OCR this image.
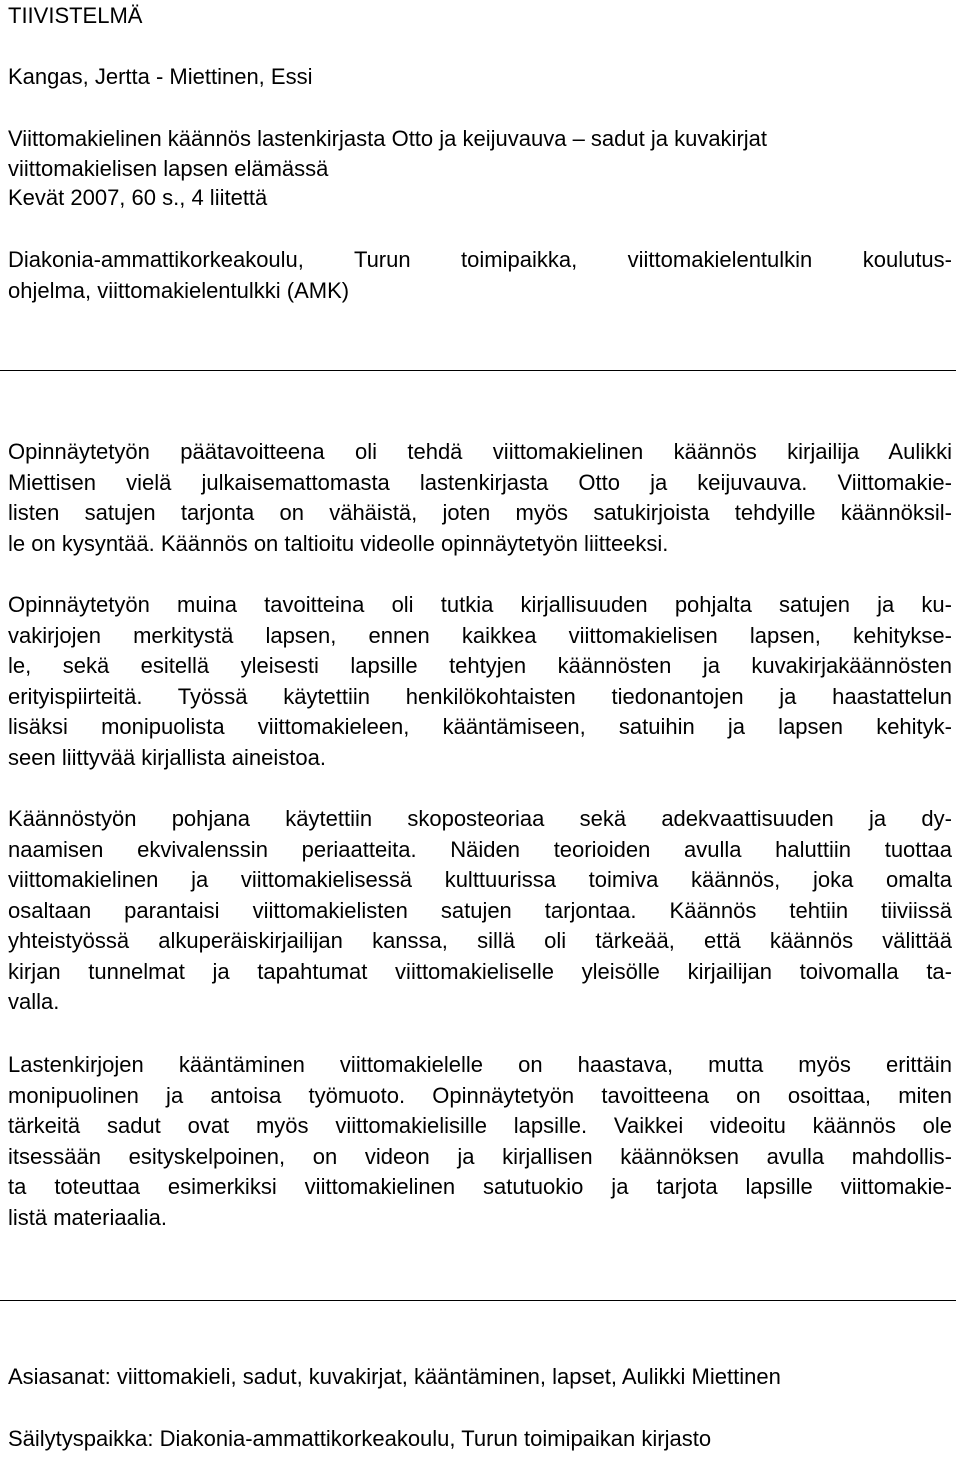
TIIVISTELMÄ
Kangas, Jertta - Miettinen, Essi
Viittomakielinen käännös lastenkirjasta Otto ja keijuvauva – sadut ja kuvakirjat
viittomakielisen lapsen elämässä
Kevät 2007, 60 s., 4 liitettä
Diakonia-ammattikorkeakoulu, Turun toimipaikka, viittomakielentulkin koulutus-
ohjelma, viittomakielentulkki (AMK)
Opinnäytetyön päätavoitteena oli tehdä viittomakielinen käännös kirjailija Aulikki
Miettisen vielä julkaisemattomasta lastenkirjasta Otto ja keijuvauva. Viittomakie-
listen satujen tarjonta on vähäistä, joten myös satukirjoista tehdyille käännöksil-
le on kysyntää. Käännös on taltioitu videolle opinnäytetyön liitteeksi.
Opinnäytetyön muina tavoitteina oli tutkia kirjallisuuden pohjalta satujen ja ku-
vakirjojen merkitystä lapsen, ennen kaikkea viittomakielisen lapsen, kehitykse-
le, sekä esitellä yleisesti lapsille tehtyjen käännösten ja kuvakirjakäännösten
erityispiirteitä. Työssä käytettiin henkilökohtaisten tiedonantojen ja haastattelun
lisäksi monipuolista viittomakieleen, kääntämiseen, satuihin ja lapsen kehityk-
seen liittyvää kirjallista aineistoa.
Käännöstyön pohjana käytettiin skoposteoriaa sekä adekvaattisuuden ja dy-
naamisen ekvivalenssin periaatteita. Näiden teorioiden avulla haluttiin tuottaa
viittomakielinen ja viittomakielisessä kulttuurissa toimiva käännös, joka omalta
osaltaan parantaisi viittomakielisten satujen tarjontaa. Käännös tehtiin tiiviissä
yhteistyössä alkuperäiskirjailijan kanssa, sillä oli tärkeää, että käännös välittää
kirjan tunnelmat ja tapahtumat viittomakieliselle yleisölle kirjailijan toivomalla ta-
valla.
Lastenkirjojen kääntäminen viittomakielelle on haastava, mutta myös erittäin
monipuolinen ja antoisa työmuoto. Opinnäytetyön tavoitteena on osoittaa, miten
tärkeitä sadut ovat myös viittomakielisille lapsille. Vaikkei videoitu käännös ole
itsessään esityskelpoinen, on videon ja kirjallisen käännöksen avulla mahdollis-
ta toteuttaa esimerkiksi viittomakielinen satutuokio ja tarjota lapsille viittomakie-
listä materiaalia.
Asiasanat: viittomakieli, sadut, kuvakirjat, kääntäminen, lapset, Aulikki Miettinen
Säilytyspaikka: Diakonia-ammattikorkeakoulu, Turun toimipaikan kirjasto
